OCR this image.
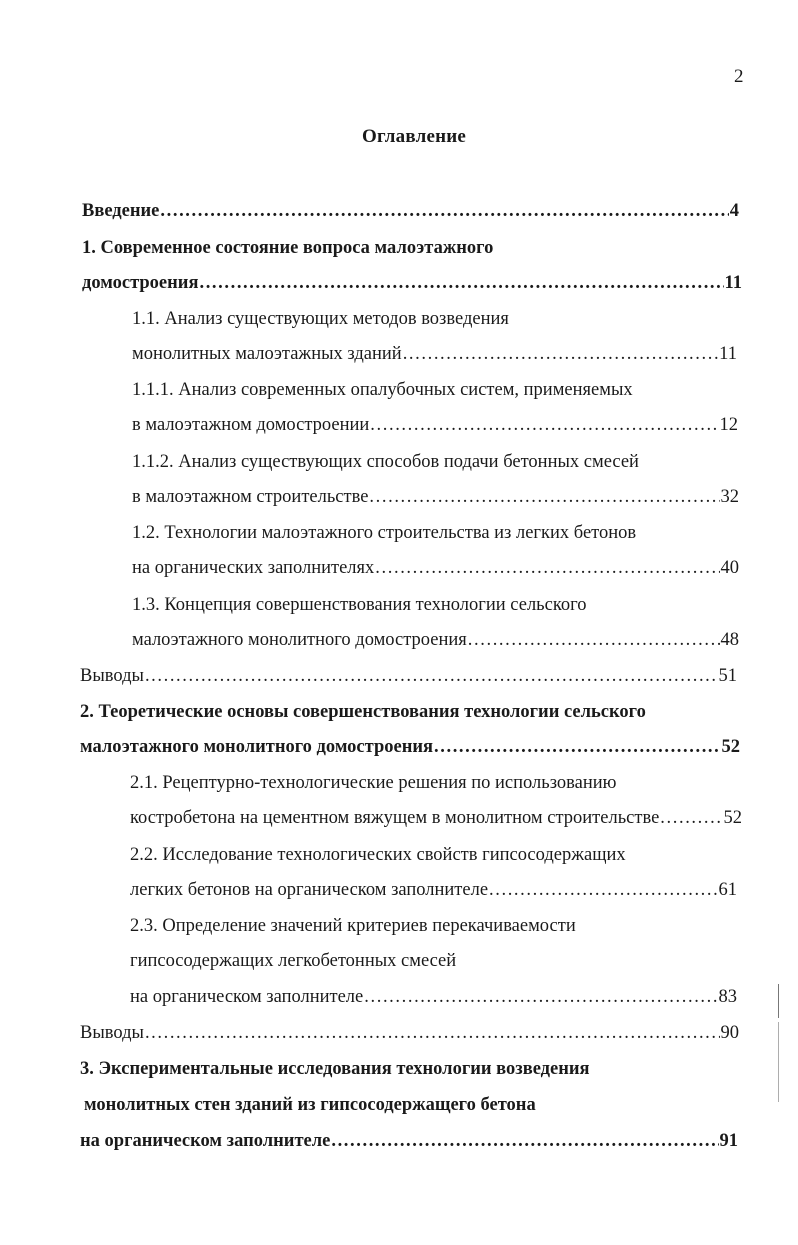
2
Оглавление
Введение .....	4
1. Современное состояние вопроса малоэтажного
домостроения .....	11
1.1. Анализ существующих методов возведения
монолитных малоэтажных зданий .....	11
1.1.1. Анализ современных опалубочных систем, применяемых
в малоэтажном домостроении .....	12
1.1.2. Анализ существующих способов подачи бетонных смесей
в малоэтажном строительстве .....	32
1.2. Технологии малоэтажного строительства из легких бетонов
на органических заполнителях .....	40
1.3. Концепция совершенствования технологии сельского
малоэтажного монолитного домостроения .....	48
Выводы .....	51
2. Теоретические основы совершенствования технологии сельского
малоэтажного монолитного домостроения .....	52
2.1. Рецептурно-технологические решения по использованию
костробетона на цементном вяжущем в монолитном строительстве .....	52
2.2. Исследование технологических свойств гипсосодержащих
легких бетонов на органическом заполнителе .....	61
2.3. Определение значений критериев перекачиваемости
гипсосодержащих легкобетонных смесей
на органическом заполнителе .....	83
Выводы .....	90
3. Экспериментальные исследования технологии возведения
монолитных стен зданий из гипсосодержащего бетона
на органическом заполнителе .....	91
